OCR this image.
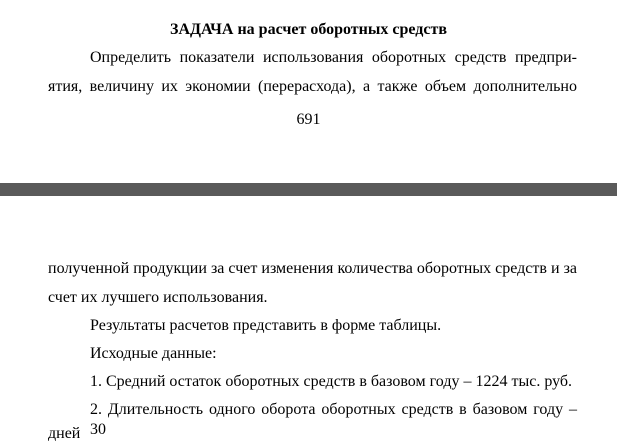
ЗАДАЧА на расчет оборотных средств
Определить показатели использования оборотных средств предпри-
ятия, величину их экономии (перерасхода), а также объем дополнительно
691
полученной продукции за счет изменения количества оборотных средств и за
счет их лучшего использования.
Результаты расчетов представить в форме таблицы.
Исходные данные:
1. Средний остаток оборотных средств в базовом году – 1224 тыс. руб.
2. Длительность одного оборота оборотных средств в базовом году – 30
дней
